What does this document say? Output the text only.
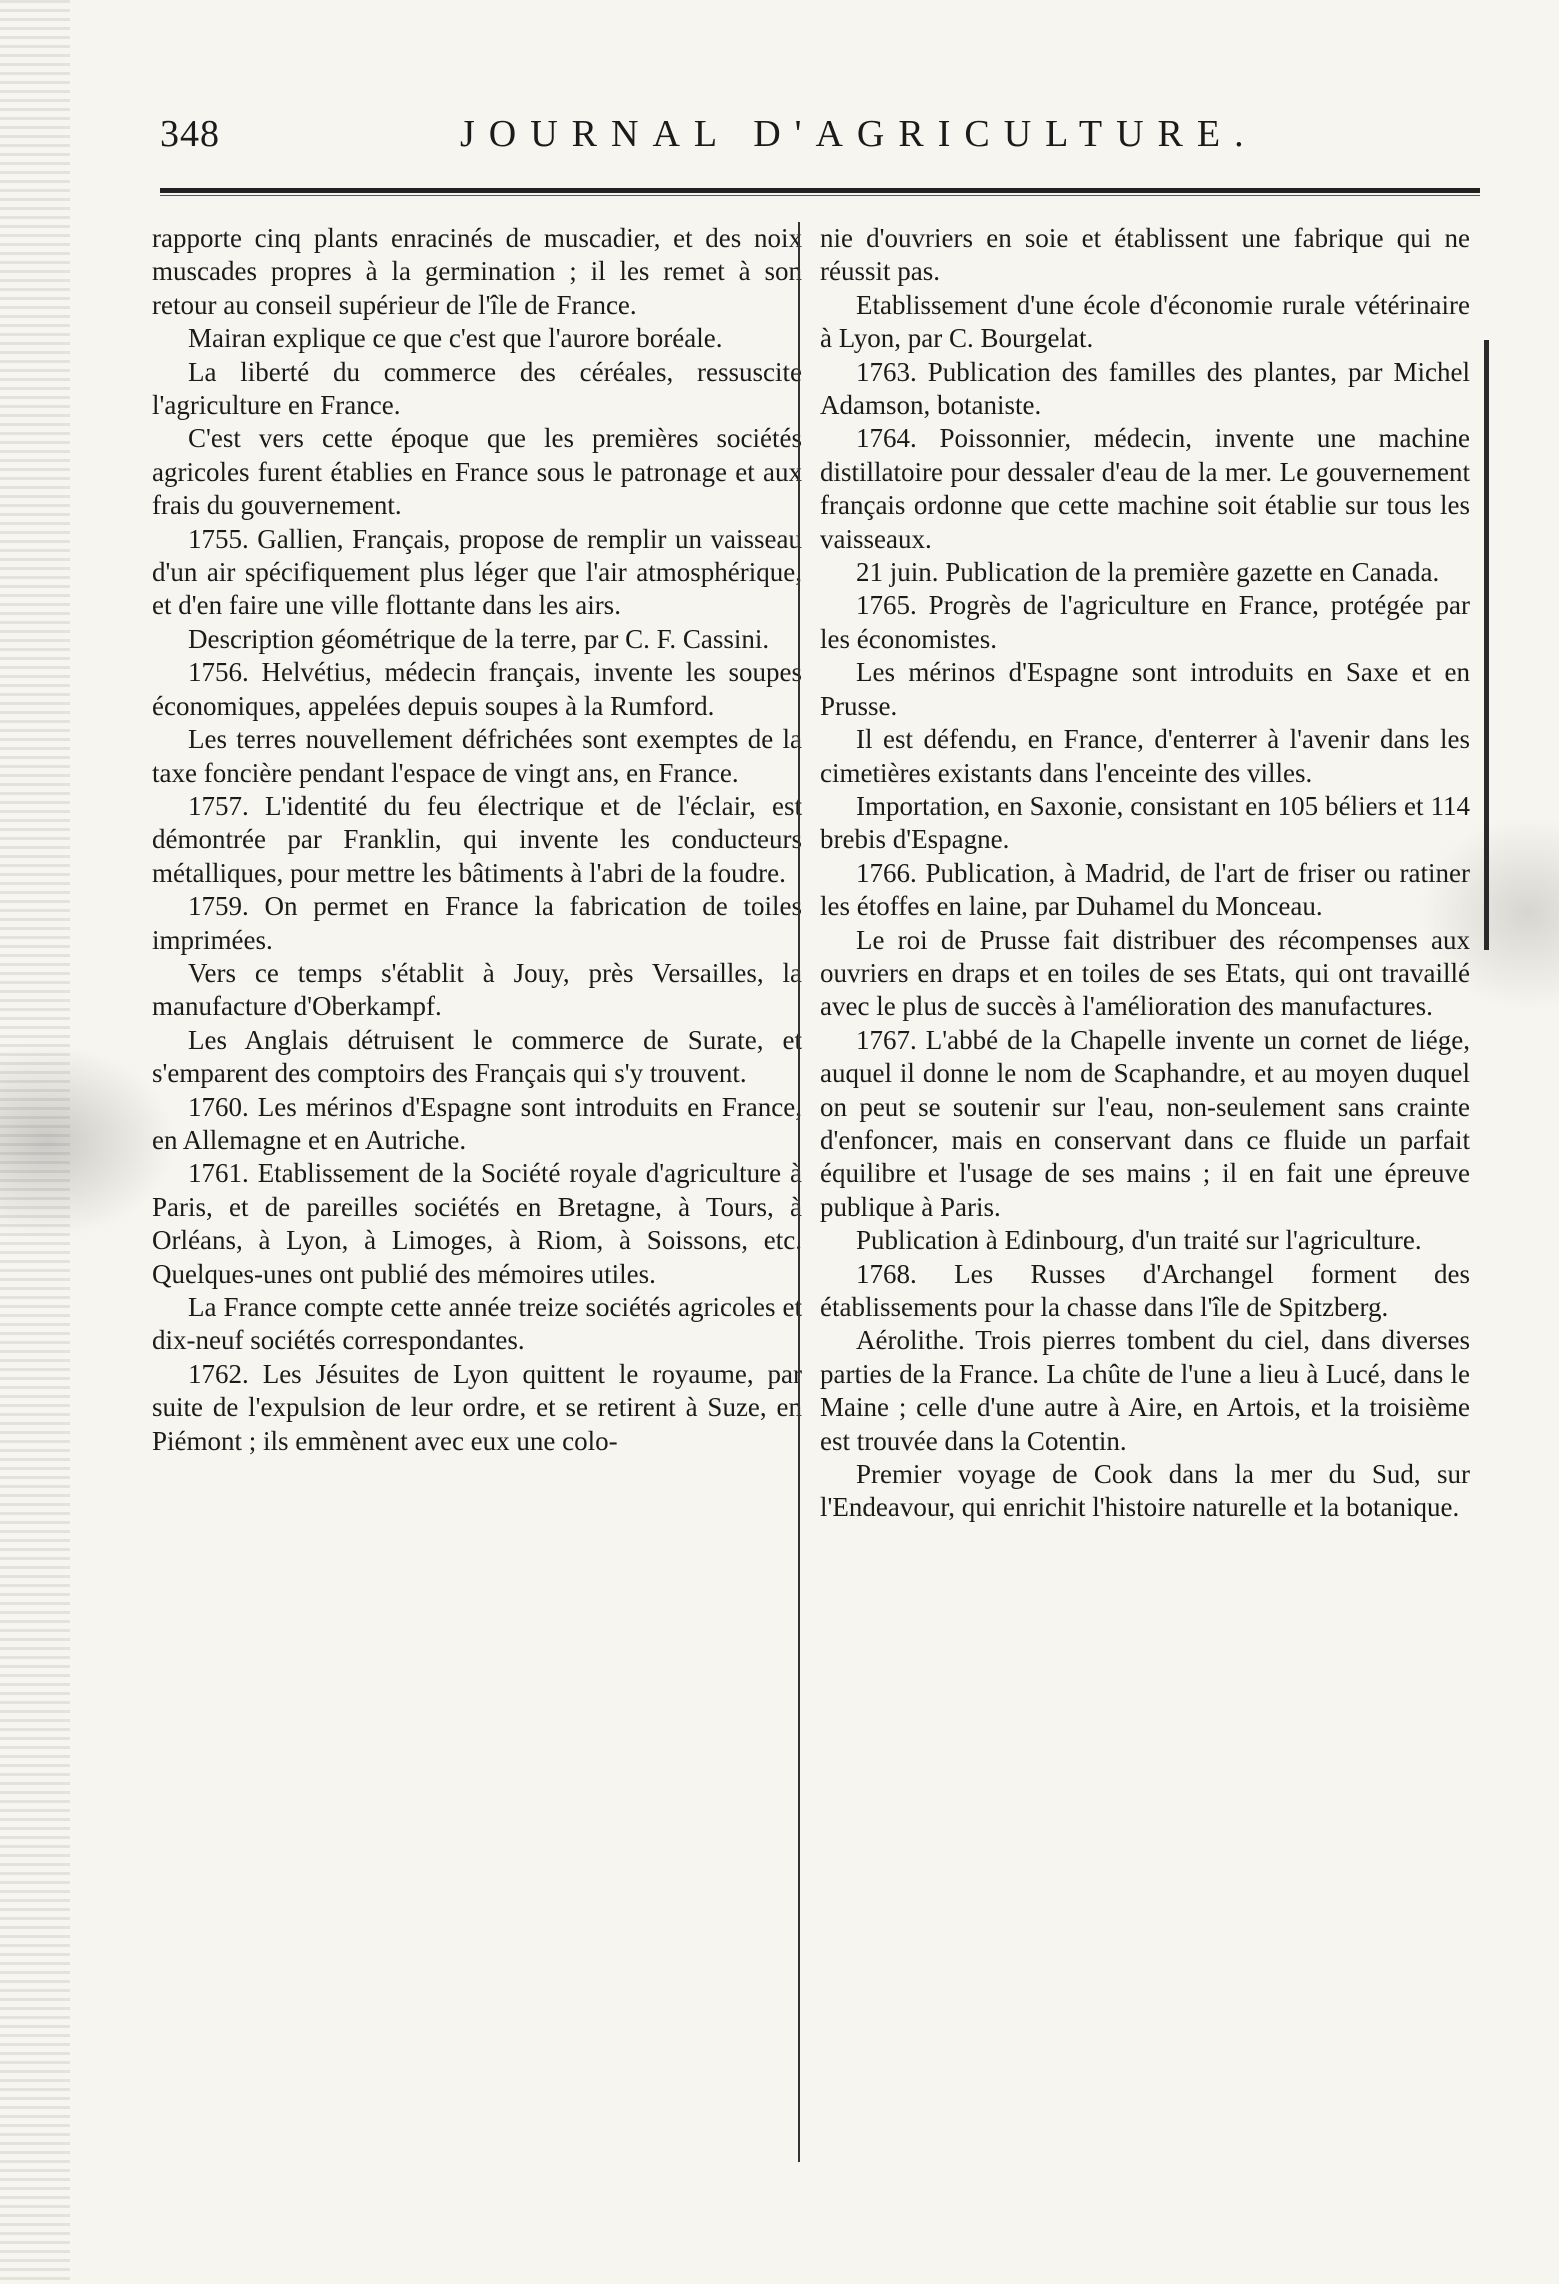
348	JOURNAL D'AGRICULTURE.

rapporte cinq plants enracinés de muscadier, et des noix muscades propres à la germination ; il les remet à son retour au conseil supérieur de l'île de France.

Mairan explique ce que c'est que l'aurore boréale.

La liberté du commerce des céréales, ressuscite l'agriculture en France.

C'est vers cette époque que les premières sociétés agricoles furent établies en France sous le patronage et aux frais du gouvernement.

1755. Gallien, Français, propose de remplir un vaisseau d'un air spécifiquement plus léger que l'air atmosphérique, et d'en faire une ville flottante dans les airs.

Description géométrique de la terre, par C. F. Cassini.

1756. Helvétius, médecin français, invente les soupes économiques, appelées depuis soupes à la Rumford.

Les terres nouvellement défrichées sont exemptes de la taxe foncière pendant l'espace de vingt ans, en France.

1757. L'identité du feu électrique et de l'éclair, est démontrée par Franklin, qui invente les conducteurs métalliques, pour mettre les bâtiments à l'abri de la foudre.

1759. On permet en France la fabrication de toiles imprimées.

Vers ce temps s'établit à Jouy, près Versailles, la manufacture d'Oberkampf.

Les Anglais détruisent le commerce de Surate, et s'emparent des comptoirs des Français qui s'y trouvent.

1760. Les mérinos d'Espagne sont introduits en France, en Allemagne et en Autriche.

1761. Etablissement de la Société royale d'agriculture à Paris, et de pareilles sociétés en Bretagne, à Tours, à Orléans, à Lyon, à Limoges, à Riom, à Soissons, etc. Quelques-unes ont publié des mémoires utiles.

La France compte cette année treize sociétés agricoles et dix-neuf sociétés correspondantes.

1762. Les Jésuites de Lyon quittent le royaume, par suite de l'expulsion de leur ordre, et se retirent à Suze, en Piémont ; ils emmènent avec eux une colo-

nie d'ouvriers en soie et établissent une fabrique qui ne réussit pas.

Etablissement d'une école d'économie rurale vétérinaire à Lyon, par C. Bourgelat.

1763. Publication des familles des plantes, par Michel Adamson, botaniste.

1764. Poissonnier, médecin, invente une machine distillatoire pour dessaler d'eau de la mer. Le gouvernement français ordonne que cette machine soit établie sur tous les vaisseaux.

21 juin. Publication de la première gazette en Canada.

1765. Progrès de l'agriculture en France, protégée par les économistes.

Les mérinos d'Espagne sont introduits en Saxe et en Prusse.

Il est défendu, en France, d'enterrer à l'avenir dans les cimetières existants dans l'enceinte des villes.

Importation, en Saxonie, consistant en 105 béliers et 114 brebis d'Espagne.

1766. Publication, à Madrid, de l'art de friser ou ratiner les étoffes en laine, par Duhamel du Monceau.

Le roi de Prusse fait distribuer des récompenses aux ouvriers en draps et en toiles de ses Etats, qui ont travaillé avec le plus de succès à l'amélioration des manufactures.

1767. L'abbé de la Chapelle invente un cornet de liége, auquel il donne le nom de Scaphandre, et au moyen duquel on peut se soutenir sur l'eau, non-seulement sans crainte d'enfoncer, mais en conservant dans ce fluide un parfait équilibre et l'usage de ses mains ; il en fait une épreuve publique à Paris.

Publication à Edinbourg, d'un traité sur l'agriculture.

1768. Les Russes d'Archangel forment des établissements pour la chasse dans l'île de Spitzberg.

Aérolithe. Trois pierres tombent du ciel, dans diverses parties de la France. La chûte de l'une a lieu à Lucé, dans le Maine ; celle d'une autre à Aire, en Artois, et la troisième est trouvée dans la Cotentin.

Premier voyage de Cook dans la mer du Sud, sur l'Endeavour, qui enrichit l'histoire naturelle et la botanique.
